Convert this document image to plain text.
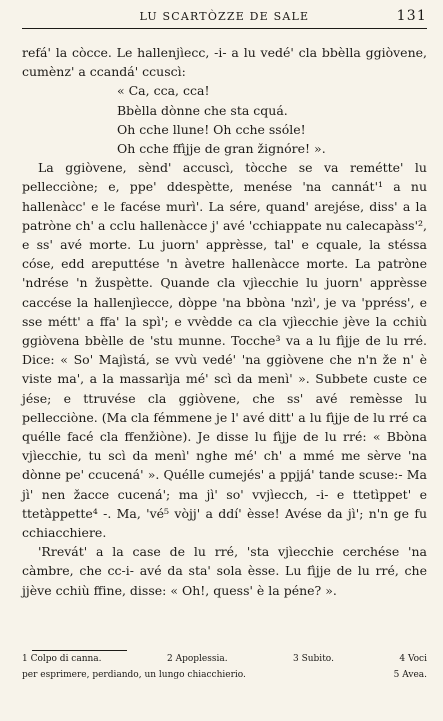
LU SCARTÒZZE DE SALE	131

refá' la còcce. Le hallenjìecc, -i- a lu vedé' cla bbèlla ggiòvene, cumènz' a ccandá' ccuscì:

« Ca, cca, cca!
Bbèlla dònne che sta cquá.
Oh cche llune! Oh cche ssóle!
Oh cche ffìjje de gran žignóre! ».

La ggiòvene, sènd' accuscì, tòcche se va remétte' lu pellecciòne; e, ppe' ddespètte, menése 'na cannát'¹ a nu hallenàcc' e le facése murì'. La sére, quand' arejése, diss' a la patròne ch' a cclu hallenàcce j' avé 'cchiappate nu calecapàss'², e ss' avé morte. Lu juorn' apprèsse, tal' e cquale, la stéssa cóse, edd areputtése 'n àvetre hallenàcce morte. La patròne 'ndrése 'n žuspètte. Quande cla vjìecchie lu juorn' apprèsse caccése la hallenjìecce, dòppe 'na bbòna 'nzì', je va 'ppréss', e sse métt' a ffa' la spì'; e vvèdde ca cla vjìecchie jève la cchiù ggiòvena bbèlle de 'stu munne. Tocche³ va a lu fìjje de lu rré. Dice: « So' Majìstá, se vvù vedé' 'na ggiòvene che n'n že n' è viste ma', a la massarìja mé' scì da menì' ». Subbete custe ce jése; e ttruvése cla ggiòvene, che ss' avé remèsse lu pellecciòne. (Ma cla fémmene je l' avé ditt' a lu fìjje de lu rré ca quélle facé cla ffenžiòne). Je disse lu fìjje de lu rré: « Bbòna vjìecchie, tu scì da menì' nghe mé' ch' a mmé me sèrve 'na dònne pe' ccucená' ». Quélle cumejés' a ppjjá' tande scuse:- Ma jì' nen žacce cucená'; ma jì' so' vvjìecch, -i- e ttetìppet' e ttetàppette⁴ -. Ma, 'vé⁵ vòjj' a ddí' èsse! Avése da jì'; n'n ge fu cchiacchiere.

'Rrevát' a la case de lu rré, 'sta vjìecchie cerchése 'na càmbre, che cc-i- avé da sta' sola èsse. Lu fìjje de lu rré, che jjève cchiù ffine, disse: « Oh!, quess' è la péne? ».

1 Colpo di canna.	2 Apoplessia.	3 Subito.	4 Voci
per esprimere, perdiando, un lungo chiacchierio.	5 Avea.
